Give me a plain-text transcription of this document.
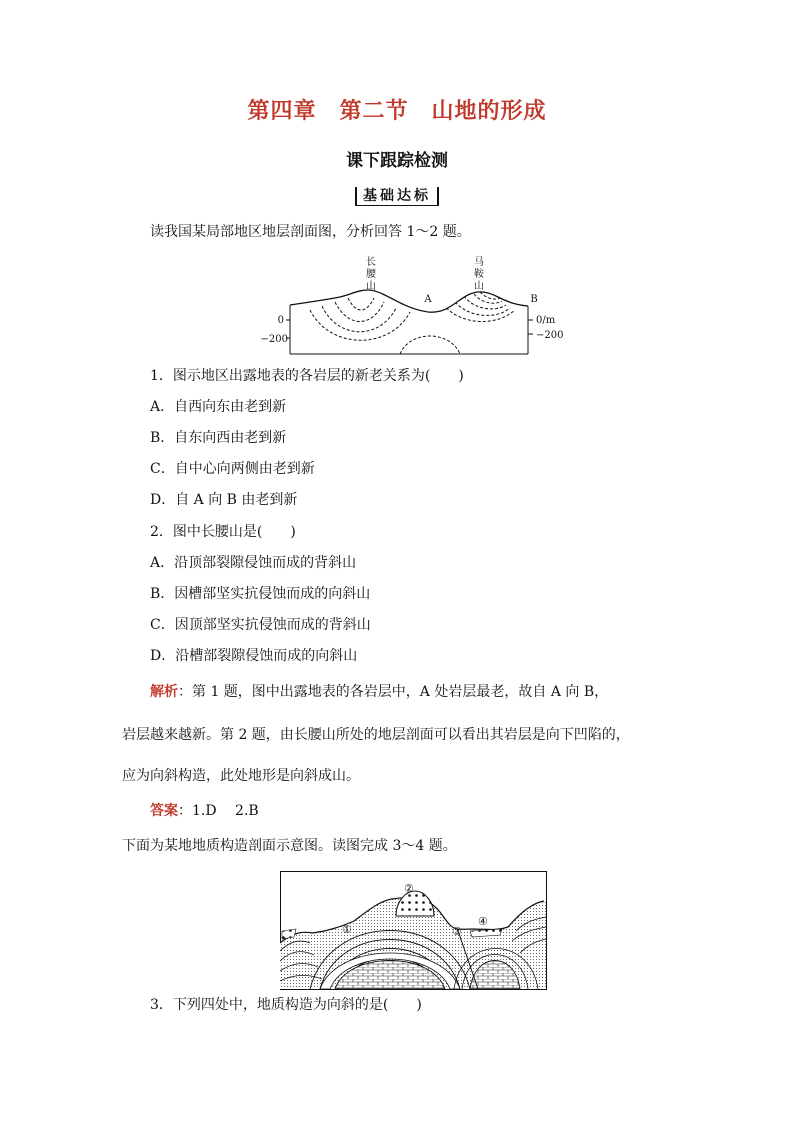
第四章　第二节　山地的形成
课下跟踪检测
基础达标
读我国某局部地区地层剖面图，分析回答 1～2 题。
长
腰
山
马
鞍
山
A	B
0
−200
0/m
−200
1．图示地区出露地表的各岩层的新老关系为(　　)
A．自西向东由老到新
B．自东向西由老到新
C．自中心向两侧由老到新
D．自 A 向 B 由老到新
2．图中长腰山是(　　)
A．沿顶部裂隙侵蚀而成的背斜山
B．因槽部坚实抗侵蚀而成的向斜山
C．因顶部坚实抗侵蚀而成的背斜山
D．沿槽部裂隙侵蚀而成的向斜山
解析：第 1 题，图中出露地表的各岩层中，A 处岩层最老，故自 A 向 B，
岩层越来越新。第 2 题，由长腰山所处的地层剖面可以看出其岩层是向下凹陷的，
应为向斜构造，此处地形是向斜成山。
答案：1.D　 2.B
下面为某地地质构造剖面示意图。读图完成 3～4 题。
①
②
③
④
3．下列四处中，地质构造为向斜的是(　　)
